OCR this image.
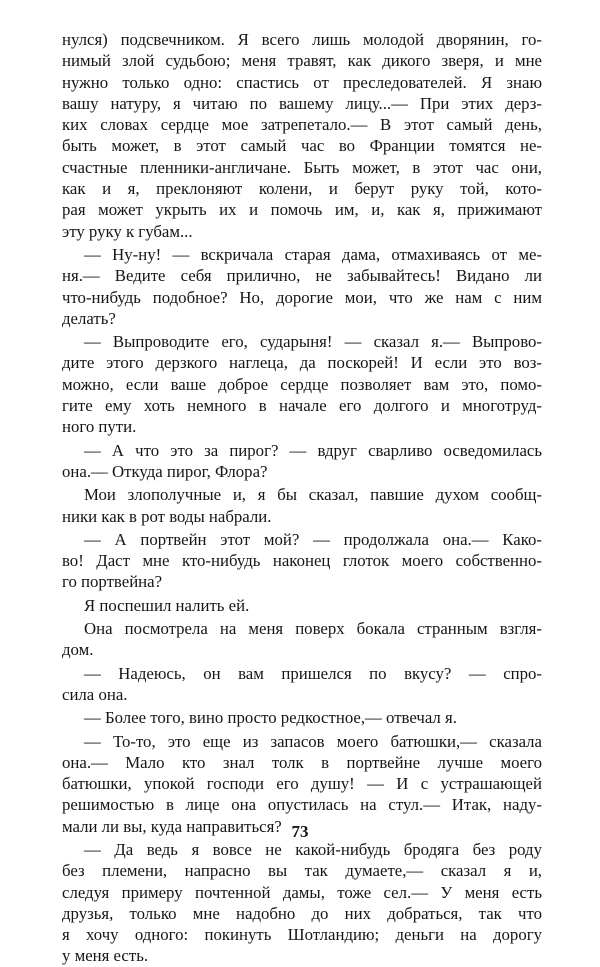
нулся) подсвечником. Я всего лишь молодой дворянин, го-
нимый злой судьбою; меня травят, как дикого зверя, и мне
нужно только одно: спастись от преследователей. Я знаю
вашу натуру, я читаю по вашему лицу...— При этих дерз-
ких словах сердце мое затрепетало.— В этот самый день,
быть может, в этот самый час во Франции томятся не-
счастные пленники-англичане. Быть может, в этот час они,
как и я, преклоняют колени, и берут руку той, кото-
рая может укрыть их и помочь им, и, как я, прижимают
эту руку к губам...
— Ну-ну! — вскричала старая дама, отмахиваясь от ме-
ня.— Ведите себя прилично, не забывайтесь! Видано ли
что-нибудь подобное? Но, дорогие мои, что же нам с ним
делать?
— Выпроводите его, сударыня! — сказал я.— Выпрово-
дите этого дерзкого наглеца, да поскорей! И если это воз-
можно, если ваше доброе сердце позволяет вам это, помо-
гите ему хоть немного в начале его долгого и многотруд-
ного пути.
— А что это за пирог? — вдруг сварливо осведомилась
она.— Откуда пирог, Флора?
Мои злополучные и, я бы сказал, павшие духом сообщ-
ники как в рот воды набрали.
— А портвейн этот мой? — продолжала она.— Како-
во! Даст мне кто-нибудь наконец глоток моего собственно-
го портвейна?
Я поспешил налить ей.
Она посмотрела на меня поверх бокала странным взгля-
дом.
— Надеюсь, он вам пришелся по вкусу? — спро-
сила она.
— Более того, вино просто редкостное,— отвечал я.
— То-то, это еще из запасов моего батюшки,— сказала
она.— Мало кто знал толк в портвейне лучше моего
батюшки, упокой господи его душу! — И с устрашающей
решимостью в лице она опустилась на стул.— Итак, наду-
мали ли вы, куда направиться?
— Да ведь я вовсе не какой-нибудь бродяга без роду
без племени, напрасно вы так думаете,— сказал я и,
следуя примеру почтенной дамы, тоже сел.— У меня есть
друзья, только мне надобно до них добраться, так что
я хочу одного: покинуть Шотландию; деньги на дорогу
у меня есть.
73
